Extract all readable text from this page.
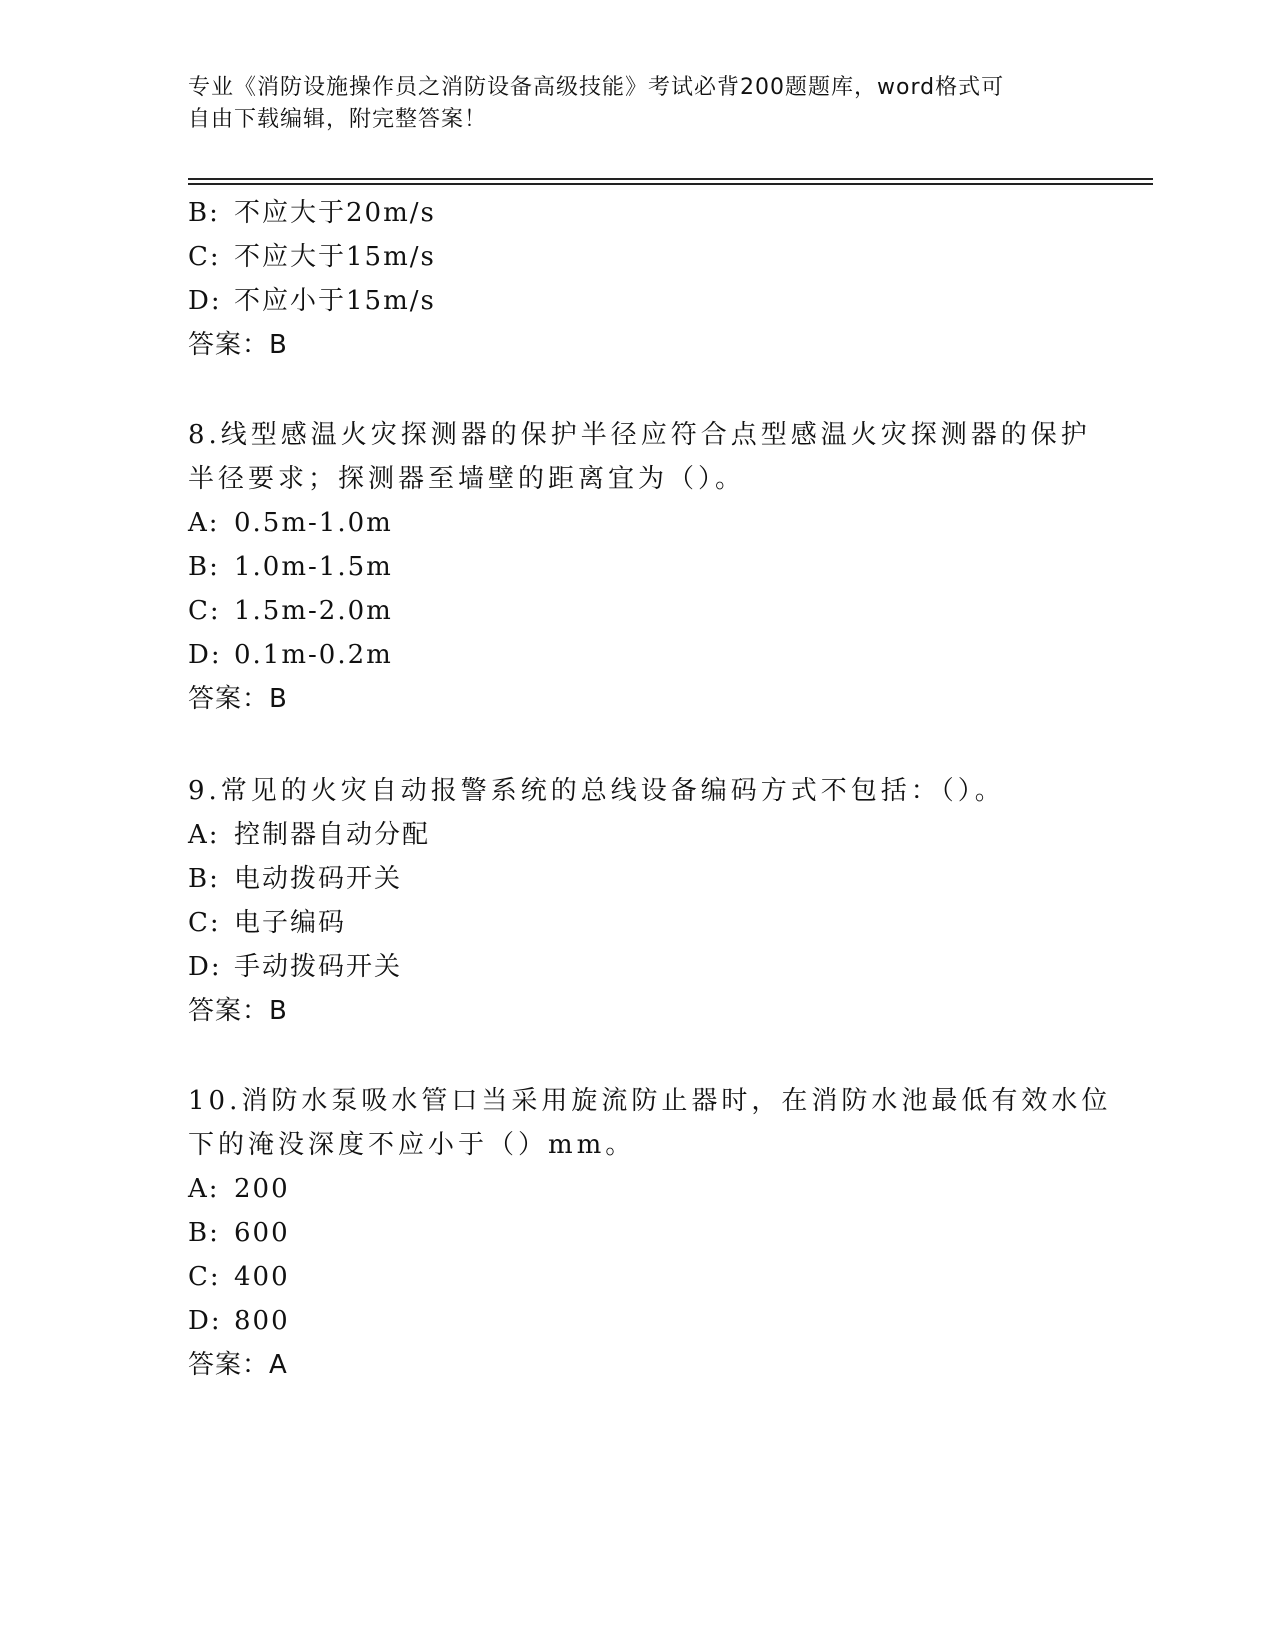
专业《消防设施操作员之消防设备高级技能》考试必背200题题库，word格式可
自由下载编辑，附完整答案！
B: 不应大于20m/s
C: 不应大于15m/s
D: 不应小于15m/s
答案：B
8.线型感温火灾探测器的保护半径应符合点型感温火灾探测器的保护
半径要求；探测器至墙壁的距离宜为（）。
A: 0.5m-1.0m
B: 1.0m-1.5m
C: 1.5m-2.0m
D: 0.1m-0.2m
答案：B
9.常见的火灾自动报警系统的总线设备编码方式不包括：（）。
A: 控制器自动分配
B: 电动拨码开关
C: 电子编码
D: 手动拨码开关
答案：B
10.消防水泵吸水管口当采用旋流防止器时，在消防水池最低有效水位
下的淹没深度不应小于（）mm。
A: 200
B: 600
C: 400
D: 800
答案：A
